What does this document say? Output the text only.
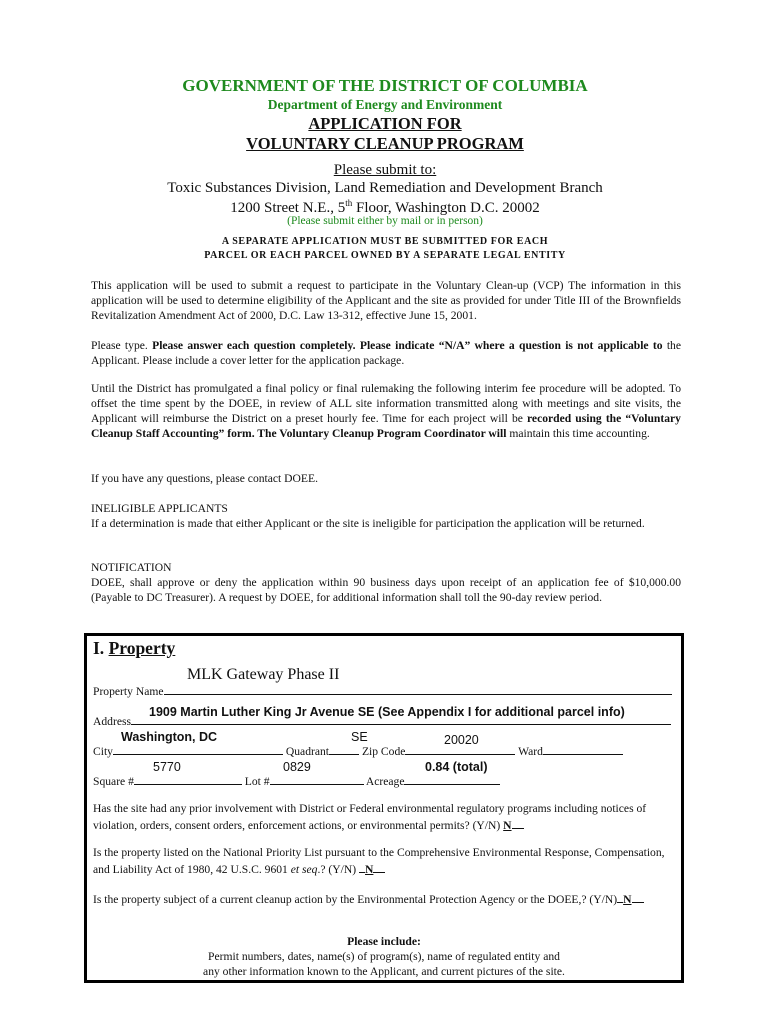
GOVERNMENT OF THE DISTRICT OF COLUMBIA
Department of Energy and Environment
APPLICATION FOR
VOLUNTARY CLEANUP PROGRAM
Please submit to:
Toxic Substances Division, Land Remediation and Development Branch
1200 Street N.E., 5th Floor, Washington D.C. 20002
(Please submit either by mail or in person)
A SEPARATE APPLICATION MUST BE SUBMITTED FOR EACH
PARCEL OR EACH PARCEL OWNED BY A SEPARATE LEGAL ENTITY
This application will be used to submit a request to participate in the Voluntary Clean-up (VCP) The information in this application will be used to determine eligibility of the Applicant and the site as provided for under Title III of the Brownfields Revitalization Amendment Act of 2000, D.C. Law 13-312, effective June 15, 2001.
Please type. Please answer each question completely. Please indicate “N/A” where a question is not applicable to the Applicant. Please include a cover letter for the application package.
Until the District has promulgated a final policy or final rulemaking the following interim fee procedure will be adopted. To offset the time spent by the DOEE, in review of ALL site information transmitted along with meetings and site visits, the Applicant will reimburse the District on a preset hourly fee. Time for each project will be recorded using the “Voluntary Cleanup Staff Accounting” form. The Voluntary Cleanup Program Coordinator will maintain this time accounting.
If you have any questions, please contact DOEE.
INELIGIBLE APPLICANTS
If a determination is made that either Applicant or the site is ineligible for participation the application will be returned.
NOTIFICATION
DOEE, shall approve or deny the application within 90 business days upon receipt of an application fee of $10,000.00 (Payable to DC Treasurer). A request by DOEE, for additional information shall toll the 90-day review period.
I. Property
MLK Gateway Phase II
Property Name
1909 Martin Luther King Jr Avenue SE (See Appendix I for additional parcel info)
Address
Washington, DC	SE	20020
City	Quadrant	Zip Code	Ward
5770	0829	0.84 (total)
Square #	Lot #	Acreage
Has the site had any prior involvement with District or Federal environmental regulatory programs including notices of violation, orders, consent orders, enforcement actions, or environmental permits? (Y/N) N
Is the property listed on the National Priority List pursuant to the Comprehensive Environmental Response, Compensation, and Liability Act of 1980, 42 U.S.C. 9601 et seq.? (Y/N) N
Is the property subject of a current cleanup action by the Environmental Protection Agency or the DOEE,? (Y/N) N
Please include:
Permit numbers, dates, name(s) of program(s), name of regulated entity and
any other information known to the Applicant, and current pictures of the site.
